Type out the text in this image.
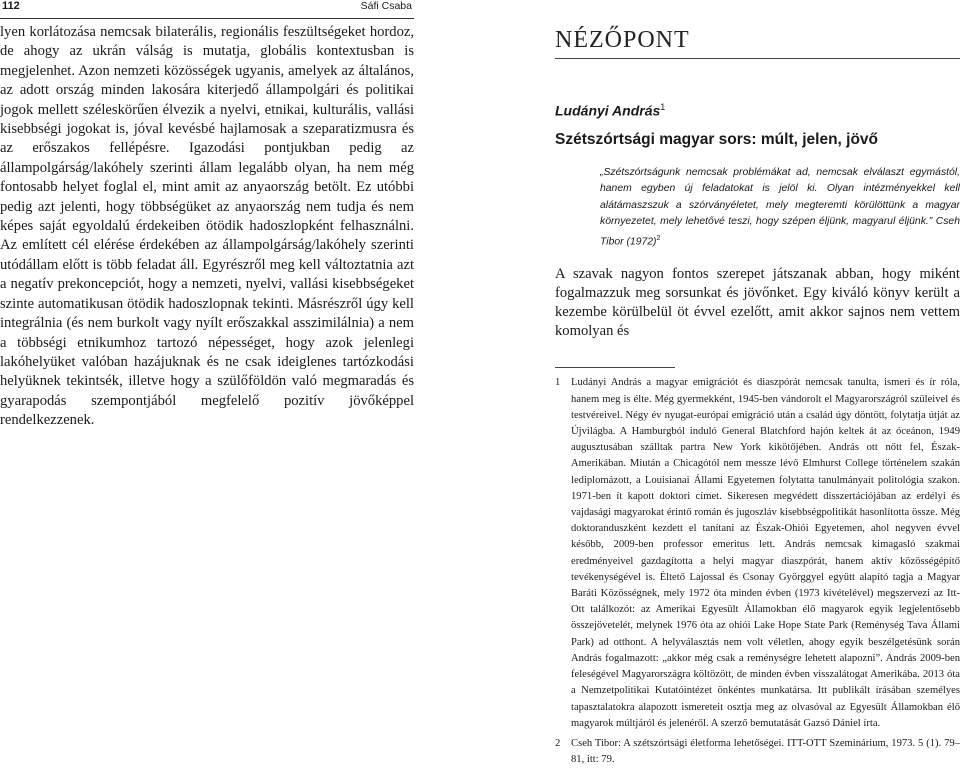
112	Sáfi Csaba

lyen korlátozása nemcsak bilaterális, regionális feszültségeket hordoz, de ahogy az ukrán válság is mutatja, globális kontextusban is megjelenhet. Azon nemzeti közösségek ugyanis, amelyek az általános, az adott ország minden lakosára kiterjedő állampolgári és politikai jogok mellett széleskörűen élvezik a nyelvi, etnikai, kulturális, vallási kisebbségi jogokat is, jóval kevésbé hajlamosak a szeparatizmusra és az erőszakos fellépésre. Igazodási pontjukban pedig az állampolgárság/lakóhely szerinti állam legalább olyan, ha nem még fontosabb helyet foglal el, mint amit az anyaország betölt. Ez utóbbi pedig azt jelenti, hogy többségüket az anyaország nem tudja és nem képes saját egyoldalú érdekeiben ötödik hadoszlopként felhasználni. Az említett cél elérése érdekében az állampolgárság/lakóhely szerinti utódállam előtt is több feladat áll. Egyrészről meg kell változtatnia azt a negatív prekoncepciót, hogy a nemzeti, nyelvi, vallási kisebbségeket szinte automatikusan ötödik hadoszlopnak tekinti. Másrészről úgy kell integrálnia (és nem burkolt vagy nyílt erőszakkal asszimilálnia) a nem a többségi etnikumhoz tartozó népességet, hogy azok jelenlegi lakóhelyüket valóban hazájuknak és ne csak ideiglenes tartózkodási helyüknek tekintsék, illetve hogy a szülőföldön való megmaradás és gyarapodás szempontjából megfelelő pozitív jövőképpel rendelkezzenek.

NÉZŐPONT
Ludányi András$^1$
Szétszórtsági magyar sors: múlt, jelen, jövő
„Szétszórtságunk nemcsak problémákat ad, nemcsak elválaszt egymástól, hanem egyben új feladatokat is jelöl ki. Olyan intézményekkel kell alátámaszszuk a szórványéletet, mely megteremti körülöttünk a magyar környezetet, mely lehetővé teszi, hogy szépen éljünk, magyarul éljünk.” Cseh Tibor $(1972)^2$

A szavak nagyon fontos szerepet játszanak abban, hogy miként fogalmazzuk meg sorsunkat és jövőnket. Egy kiváló könyv került a kezembe körülbelül öt évvel ezelőtt, amit akkor sajnos nem vettem komolyan és

1 Ludányi András a magyar emigrációt és diaszpórát nemcsak tanulta, ismeri és ír róla, hanem meg is élte. Még gyermekként, 1945-ben vándorolt el Magyarországról szüleivel és testvéreivel. Négy év nyugat-európai emigráció után a család úgy döntött, folytatja útját az Újvilágba. A Hamburgból induló General Blatchford hajón keltek át az óceánon, 1949 augusztusában szálltak partra New York kikötőjében. András ott nőtt fel, Észak-Amerikában. Miután a Chicagótól nem messze lévő Elmhurst College történelem szakán lediplomázott, a Louisianai Állami Egyetemen folytatta tanulmányait politológia szakon. 1971-ben ít kapott doktori címet. Sikeresen megvédett disszertációjában az erdélyi és vajdasági magyarokat érintő román és jugoszláv kisebbségpolitikát hasonlította össze. Még doktoranduszként kezdett el tanítani az Észak-Ohiói Egyetemen, ahol negyven évvel később, 2009-ben professor emeritus lett. András nemcsak kimagasló szakmai eredményeivel gazdagította a helyi magyar diaszpórát, hanem aktív közösségépítő tevékenységével is. Éltető Lajossal és Csonay Györggyel együtt alapító tagja a Magyar Baráti Közösségnek, mely 1972 óta minden évben (1973 kivételével) megszervezi az Itt-Ott találkozót: az Amerikai Egyesült Államokban élő magyarok egyik legjelentősebb összejövetelét, melynek 1976 óta az ohiói Lake Hope State Park (Reménység Tava Állami Park) ad otthont. A helyválasztás nem volt véletlen, ahogy egyik beszélgetésünk során András fogalmazott: „akkor még csak a reménységre lehetett alapozni”. András 2009-ben feleségével Magyarországra költözött, de minden évben visszalátogat Amerikába. 2013 óta a Nemzetpolitikai Kutatóintézet önkéntes munkatársa. Itt publikált írásában személyes tapasztalatokra alapozott ismereteit osztja meg az olvasóval az Egyesült Államokban élő magyarok múltjáról és jelenéről. A szerző bemutatását Gazsó Dániel írta.

2 Cseh Tibor: A szétszórtsági életforma lehetőségei. ITT-OTT Szeminárium, 1973. 5 (1). 79–81, itt: 79.
